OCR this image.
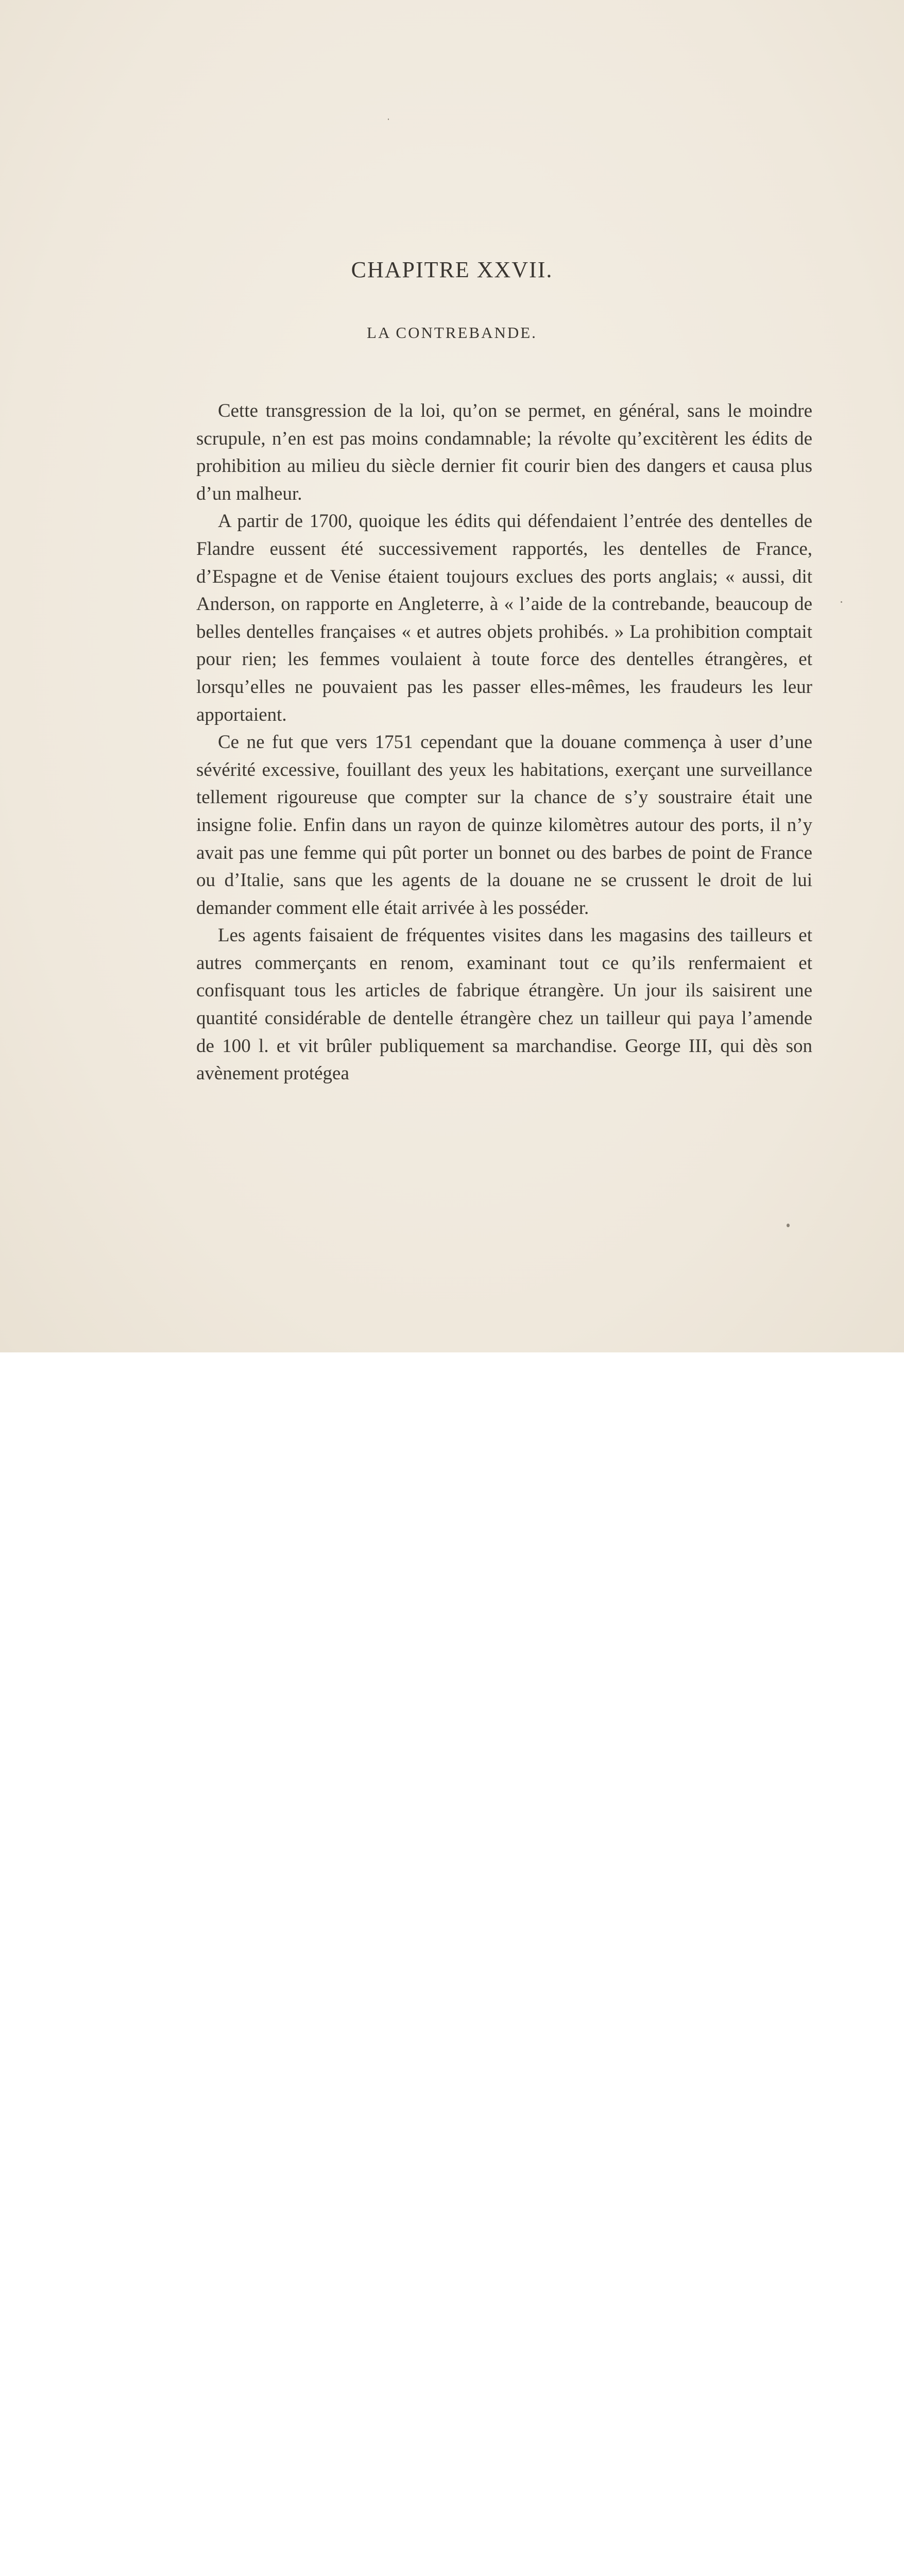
CHAPITRE XXVII.
LA CONTREBANDE.

Cette transgression de la loi, qu’on se permet, en général, sans le moindre scrupule, n’en est pas moins condamnable; la révolte qu’excitèrent les édits de prohibition au milieu du siècle dernier fit courir bien des dangers et causa plus d’un malheur.

A partir de 1700, quoique les édits qui défendaient l’entrée des dentelles de Flandre eussent été successivement rapportés, les dentelles de France, d’Espagne et de Venise étaient toujours exclues des ports anglais; « aussi, dit Anderson, on rapporte en Angleterre, à « l’aide de la contrebande, beaucoup de belles dentelles françaises « et autres objets prohibés. » La prohibition comptait pour rien; les femmes voulaient à toute force des dentelles étrangères, et lorsqu’elles ne pouvaient pas les passer elles-mêmes, les fraudeurs les leur apportaient.

Ce ne fut que vers 1751 cependant que la douane commença à user d’une sévérité excessive, fouillant des yeux les habitations, exerçant une surveillance tellement rigoureuse que compter sur la chance de s’y soustraire était une insigne folie. Enfin dans un rayon de quinze kilomètres autour des ports, il n’y avait pas une femme qui pût porter un bonnet ou des barbes de point de France ou d’Italie, sans que les agents de la douane ne se crussent le droit de lui demander comment elle était arrivée à les posséder.

Les agents faisaient de fréquentes visites dans les magasins des tailleurs et autres commerçants en renom, examinant tout ce qu’ils renfermaient et confisquant tous les articles de fabrique étrangère. Un jour ils saisirent une quantité considérable de dentelle étrangère chez un tailleur qui paya l’amende de 100 l. et vit brûler publiquement sa marchandise. George III, qui dès son avènement protégea
